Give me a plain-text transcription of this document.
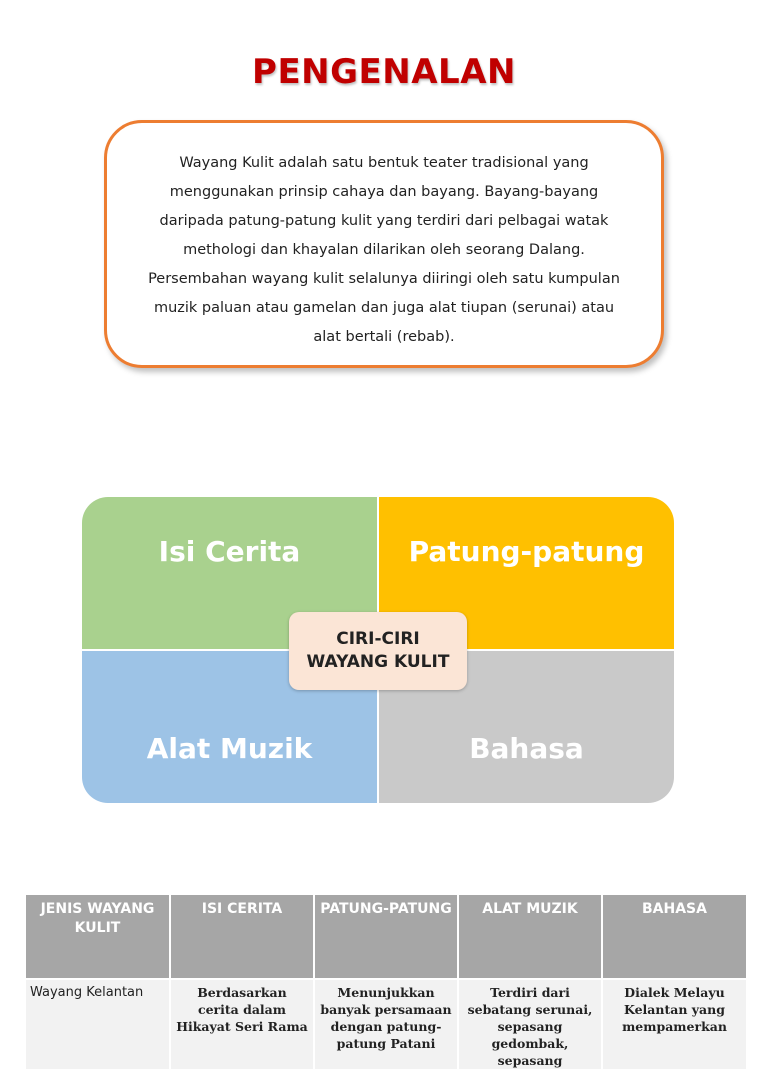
PENGENALAN

Wayang Kulit adalah satu bentuk teater tradisional yang
menggunakan prinsip cahaya dan bayang. Bayang-bayang
daripada patung-patung kulit yang terdiri dari pelbagai watak
methologi dan khayalan dilarikan oleh seorang Dalang.
Persembahan wayang kulit selalunya diiringi oleh satu kumpulan
muzik paluan atau gamelan dan juga alat tiupan (serunai) atau
alat bertali (rebab).

Isi Cerita	Patung-patung
Alat Muzik	Bahasa
CIRI-CIRI
WAYANG KULIT
JENIS WAYANG KULIT	ISI CERITA	PATUNG-PATUNG	ALAT MUZIK	BAHASA
Wayang Kelantan	Berdasarkan cerita dalam Hikayat Seri Rama	Menunjukkan banyak persamaan dengan patung-patung Patani	Terdiri dari sebatang serunai, sepasang gedombak, sepasang	Dialek Melayu Kelantan yang mempamerkan
